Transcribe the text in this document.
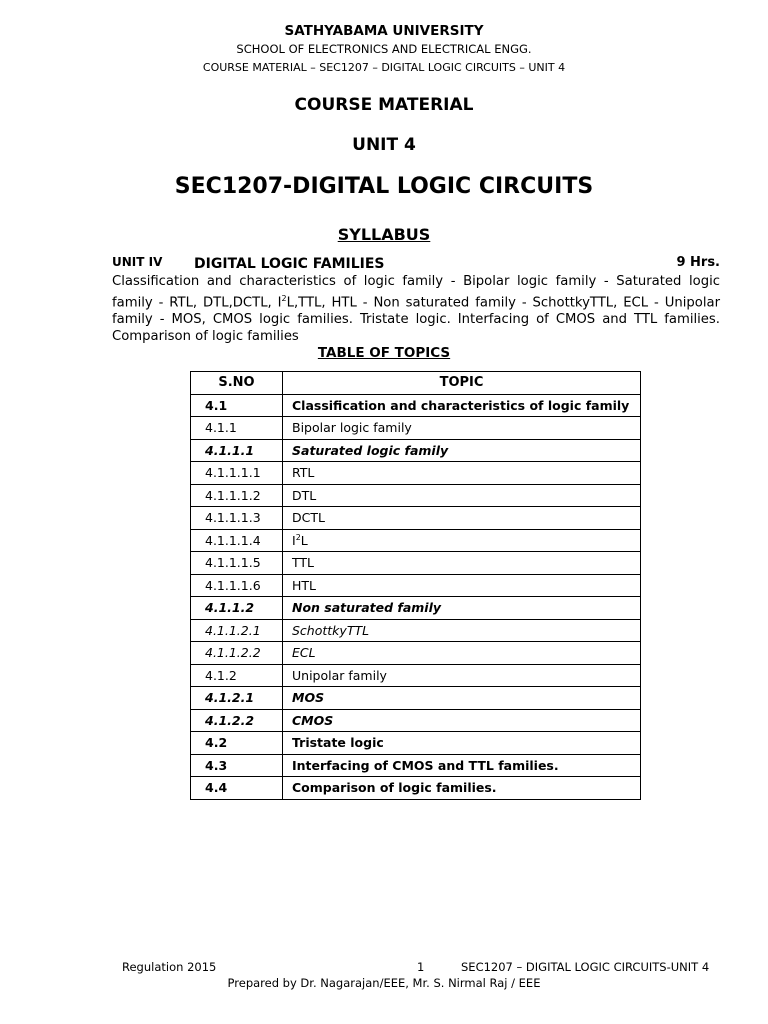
SATHYABAMA UNIVERSITY
SCHOOL OF ELECTRONICS AND ELECTRICAL ENGG.
COURSE MATERIAL – SEC1207 – DIGITAL LOGIC CIRCUITS – UNIT 4
COURSE MATERIAL
UNIT 4
SEC1207-DIGITAL LOGIC CIRCUITS
SYLLABUS
UNIT IV DIGITAL LOGIC FAMILIES	9 Hrs.
Classification and characteristics of logic family - Bipolar logic family - Saturated logic family - RTL, DTL,DCTL, $I^2L,TTL$, HTL - Non saturated family - SchottkyTTL, ECL - Unipolar family - MOS, CMOS logic families. Tristate logic. Interfacing of CMOS and TTL families. Comparison of logic families
TABLE OF TOPICS
S.NO	TOPIC
4.1	Classification and characteristics of logic family
4.1.1	Bipolar logic family
4.1.1.1	Saturated logic family
4.1.1.1.1	RTL
4.1.1.1.2	DTL
4.1.1.1.3	DCTL
4.1.1.1.4	$I^2L$
4.1.1.1.5	TTL
4.1.1.1.6	HTL
4.1.1.2	Non saturated family
4.1.1.2.1	SchottkyTTL
4.1.1.2.2	ECL
4.1.2	Unipolar family
4.1.2.1	MOS
4.1.2.2	CMOS
4.2	Tristate logic
4.3	Interfacing of CMOS and TTL families.
4.4	Comparison of logic families.
Regulation 2015	1	SEC1207 – DIGITAL LOGIC CIRCUITS-UNIT 4
Prepared by Dr. Nagarajan/EEE, Mr. S. Nirmal Raj / EEE
